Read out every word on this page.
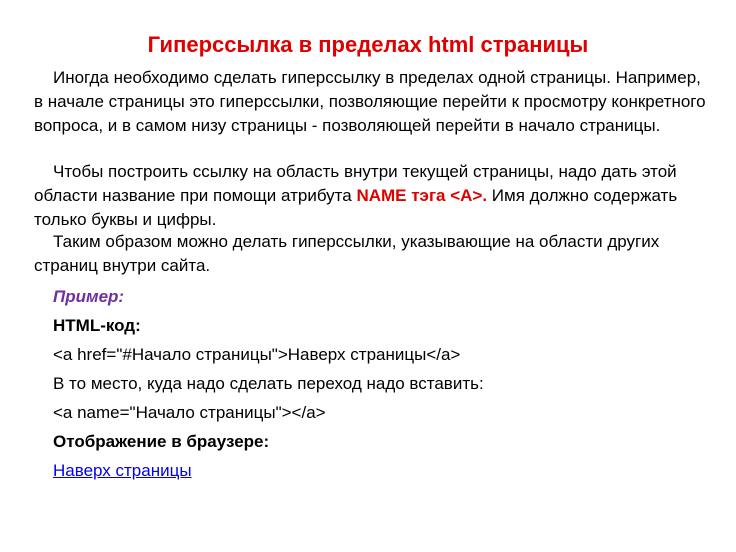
Гиперссылка в пределах html страницы
Иногда необходимо сделать гиперссылку в пределах одной страницы. Например, в начале страницы это гиперссылки, позволяющие перейти к просмотру конкретного вопроса, и в самом низу страницы - позволяющей перейти в начало страницы.
Чтобы построить ссылку на область внутри текущей страницы, надо дать этой области название при помощи атрибута NAME тэга <A>. Имя должно содержать только буквы и цифры.
Таким образом можно делать гиперссылки, указывающие на области других страниц внутри сайта.
Пример:
HTML-код:
<a href="#Начало страницы">Наверх страницы</a>
В то место, куда надо сделать переход надо вставить:
<a name="Начало страницы"></a>
Отображение в браузере:
Наверх страницы
